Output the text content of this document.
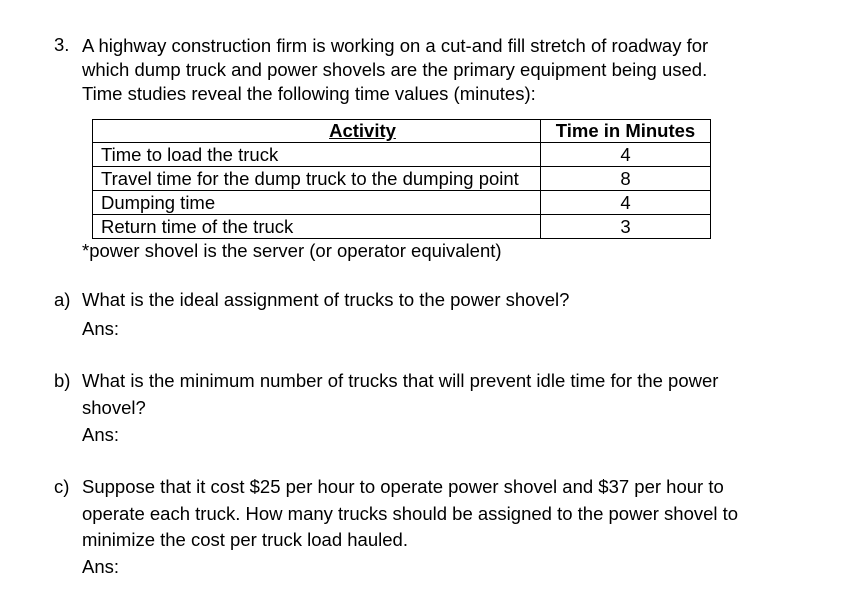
3. A highway construction firm is working on a cut-and fill stretch of roadway for
which dump truck and power shovels are the primary equipment being used.
Time studies reveal the following time values (minutes):
Activity	Time in Minutes
Time to load the truck	4
Travel time for the dump truck to the dumping point	8
Dumping time	4
Return time of the truck	3
*power shovel is the server (or operator equivalent)
a) What is the ideal assignment of trucks to the power shovel?
Ans:
b) What is the minimum number of trucks that will prevent idle time for the power
shovel?
Ans:
c) Suppose that it cost $25 per hour to operate power shovel and $37 per hour to
operate each truck. How many trucks should be assigned to the power shovel to
minimize the cost per truck load hauled.
Ans:
